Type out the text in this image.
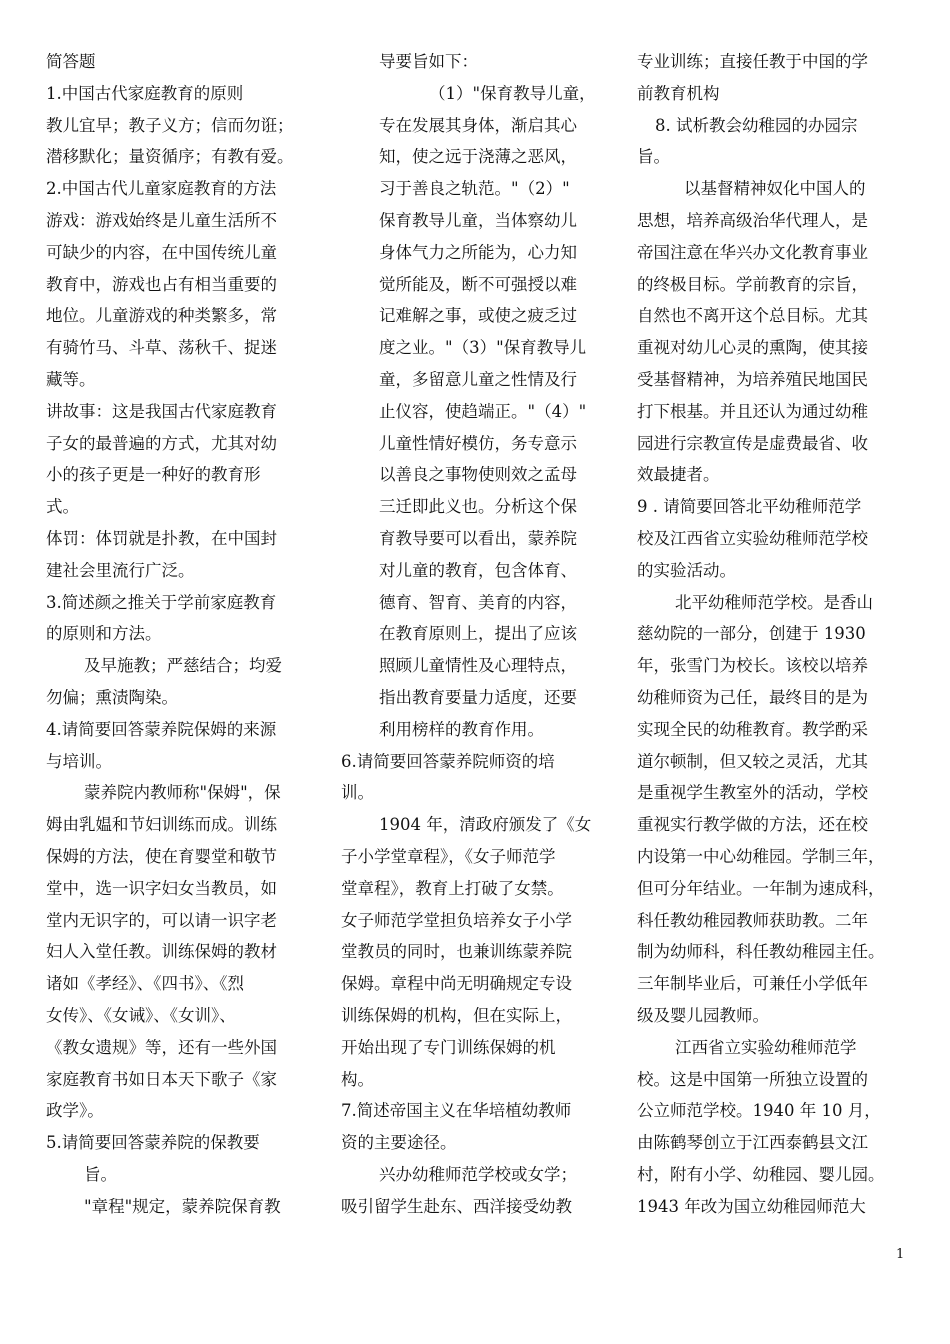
简答题
1.中国古代家庭教育的原则
教儿宜早；教子义方；信而勿诳；
潜移默化；量资循序；有教有爱。
2.中国古代儿童家庭教育的方法
游戏：游戏始终是儿童生活所不
可缺少的内容，在中国传统儿童
教育中，游戏也占有相当重要的
地位。儿童游戏的种类繁多，常
有骑竹马、斗草、荡秋千、捉迷
藏等。
讲故事：这是我国古代家庭教育
子女的最普遍的方式，尤其对幼
小的孩子更是一种好的教育形
式。
体罚：体罚就是扑教，在中国封
建社会里流行广泛。
3.简述颜之推关于学前家庭教育
的原则和方法。
及早施教；严慈结合；均爱
勿偏；熏渍陶染。
4.请简要回答蒙养院保姆的来源
与培训。
蒙养院内教师称"保姆"，保
姆由乳媪和节妇训练而成。训练
保姆的方法，使在育婴堂和敬节
堂中，选一识字妇女当教员，如
堂内无识字的，可以请一识字老
妇人入堂任教。训练保姆的教材
诸如《孝经》、《四书》、《烈
女传》、《女诫》、《女训》、
《教女遗规》等，还有一些外国
家庭教育书如日本天下歌子《家
政学》。
5.请简要回答蒙养院的保教要
旨。
"章程"规定，蒙养院保育教
导要旨如下：
（1）"保育教导儿童，
专在发展其身体，渐启其心
知，使之远于浇薄之恶风，
习于善良之轨范。"（2）"
保育教导儿童，当体察幼儿
身体气力之所能为，心力知
觉所能及，断不可强授以难
记难解之事，或使之疲乏过
度之业。"（3）"保育教导儿
童，多留意儿童之性情及行
止仪容，使趋端正。"（4）"
儿童性情好模仿，务专意示
以善良之事物使则效之孟母
三迁即此义也。分析这个保
育教导要可以看出，蒙养院
对儿童的教育，包含体育、
德育、智育、美育的内容，
在教育原则上，提出了应该
照顾儿童情性及心理特点，
指出教育要量力适度，还要
利用榜样的教育作用。
6.请简要回答蒙养院师资的培
训。
1904 年，清政府颁发了《女
子小学堂章程》，《女子师范学
堂章程》，教育上打破了女禁。
女子师范学堂担负培养女子小学
堂教员的同时，也兼训练蒙养院
保姆。章程中尚无明确规定专设
训练保姆的机构，但在实际上，
开始出现了专门训练保姆的机
构。
7.简述帝国主义在华培植幼教师
资的主要途径。
兴办幼稚师范学校或女学；
吸引留学生赴东、西洋接受幼教
专业训练；直接任教于中国的学
前教育机构
8. 试析教会幼稚园的办园宗
旨。
以基督精神奴化中国人的
思想，培养高级治华代理人，是
帝国注意在华兴办文化教育事业
的终极目标。学前教育的宗旨，
自然也不离开这个总目标。尤其
重视对幼儿心灵的熏陶，使其接
受基督精神，为培养殖民地国民
打下根基。并且还认为通过幼稚
园进行宗教宣传是虚费最省、收
效最捷者。
9 . 请简要回答北平幼稚师范学
校及江西省立实验幼稚师范学校
的实验活动。
北平幼稚师范学校。是香山
慈幼院的一部分，创建于 1930
年，张雪门为校长。该校以培养
幼稚师资为己任，最终目的是为
实现全民的幼稚教育。教学酌采
道尔顿制，但又较之灵活，尤其
是重视学生教室外的活动，学校
重视实行教学做的方法，还在校
内设第一中心幼稚园。学制三年，
但可分年结业。一年制为速成科，
科任教幼稚园教师获助教。二年
制为幼师科，科任教幼稚园主任。
三年制毕业后，可兼任小学低年
级及婴儿园教师。
江西省立实验幼稚师范学
校。这是中国第一所独立设置的
公立师范学校。1940 年 10 月，
由陈鹤琴创立于江西泰鹤县文江
村，附有小学、幼稚园、婴儿园。
1943 年改为国立幼稚园师范大
1
